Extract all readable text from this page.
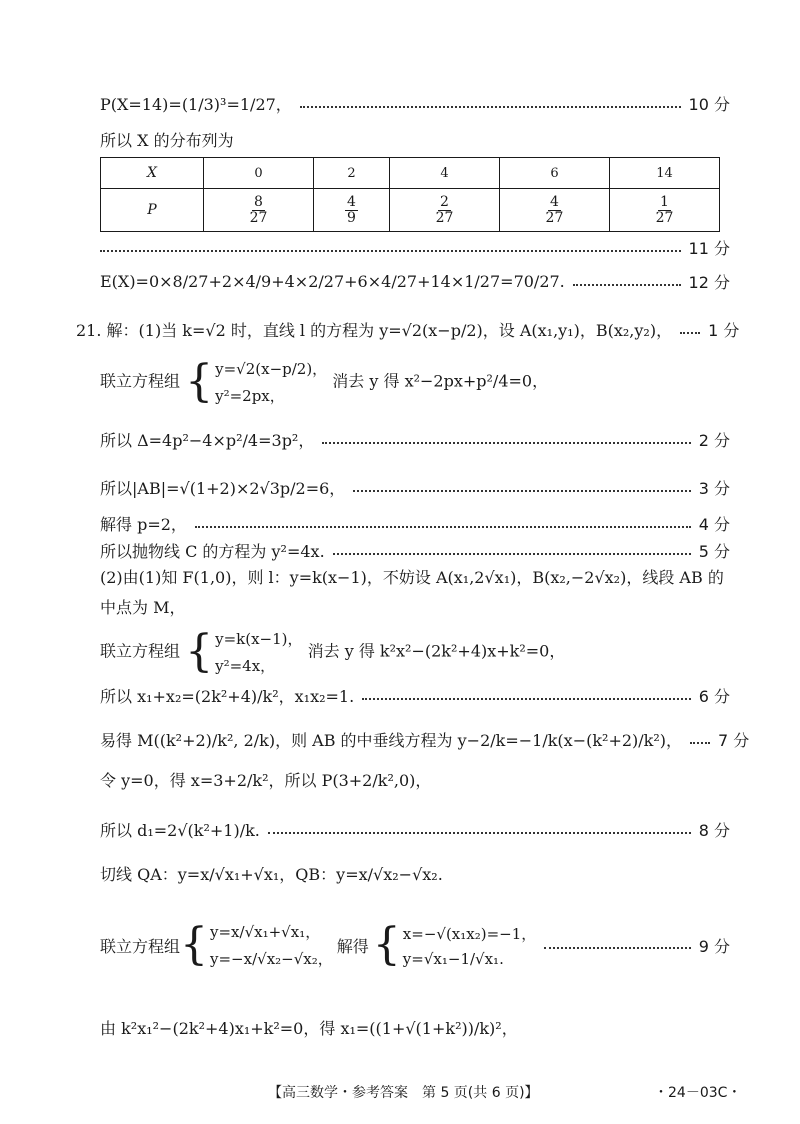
P(X=14)=(1/3)³=1/27，	10 分
所以 X 的分布列为
X	0	2	4	6	14
P	$\frac{8}{27}$	$\frac{4}{9}$	$\frac{2}{27}$	$\frac{4}{27}$	$\frac{1}{27}$
11 分
E(X)=0×8/27+2×4/9+4×2/27+6×4/27+14×1/27=70/27.	12 分
21. 解：(1)当 k=√2 时，直线 l 的方程为 y=√2(x−p/2)，设 A(x₁,y₁)，B(x₂,y₂)， 1 分
联立方程组 { y=√2(x−p/2)，
y²=2px，
消去 y 得 x²−2px+p²/4=0，
所以 Δ=4p²−4×p²/4=3p²，	2 分
所以|AB|=√(1+2)×2√3p/2=6，	3 分
解得 p=2，	4 分
所以抛物线 C 的方程为 y²=4x.	5 分
(2)由(1)知 F(1,0)，则 l：y=k(x−1)，不妨设 A(x₁,2√x₁)，B(x₂,−2√x₂)，线段 AB 的中点为 M，
联立方程组 { y=k(x−1)，
y²=4x，
消去 y 得 k²x²−(2k²+4)x+k²=0，
所以 x₁+x₂=(2k²+4)/k²，x₁x₂=1.	6 分
易得 M((k²+2)/k², 2/k)，则 AB 的中垂线方程为 y−2/k=−1/k(x−(k²+2)/k²)， 7 分
令 y=0，得 x=3+2/k²，所以 P(3+2/k²,0)，
所以 d₁=2√(k²+1)/k.	8 分
切线 QA：y=x/√x₁+√x₁，QB：y=x/√x₂−√x₂.
联立方程组 { y=x/√x₁+√x₁，
y=−x/√x₂−√x₂，
解得 { x=−√(x₁x₂)=−1，
y=√x₁−1/√x₁.
9 分
由 k²x₁²−(2k²+4)x₁+k²=0，得 x₁=((1+√(1+k²))/k)²，
【高三数学・参考答案　第 5 页(共 6 页)】	・24－03C・
